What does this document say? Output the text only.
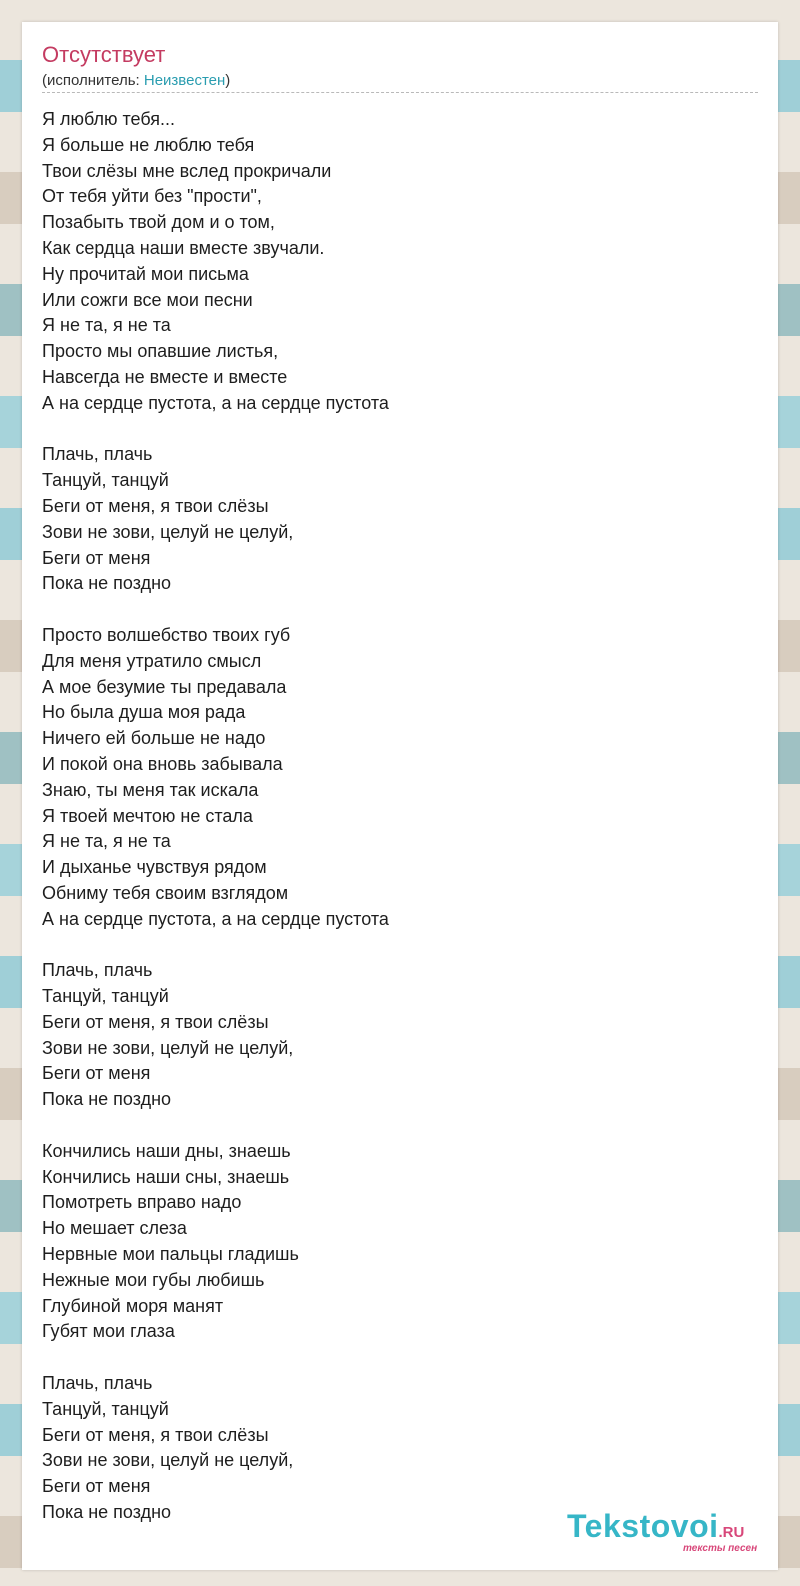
Отсутствует
(исполнитель: Неизвестен)
Я люблю тебя...
Я больше не люблю тебя
Твои слёзы мне вслед прокричали
От тебя уйти без "прости",
Позабыть твой дом и о том,
Как сердца наши вместе звучали.
Ну прочитай мои письма
Или сожги все мои песни
Я не та, я не та
Просто мы опавшие листья,
Навсегда не вместе и вместе
А на сердце пустота, а на сердце пустота

Плачь, плачь
Танцуй, танцуй
Беги от меня, я твои слёзы
Зови не зови, целуй не целуй,
Беги от меня
Пока не поздно

Просто волшебство твоих губ
Для меня утратило смысл
А мое безумие ты предавала
Но была душа моя рада
Ничего ей больше не надо
И покой она вновь забывала
Знаю, ты меня так искала
Я твоей мечтою не стала
Я не та, я не та
И дыханье чувствуя рядом
Обниму тебя своим взглядом
А на сердце пустота, а на сердце пустота

Плачь, плачь
Танцуй, танцуй
Беги от меня, я твои слёзы
Зови не зови, целуй не целуй,
Беги от меня
Пока не поздно

Кончились наши дны, знаешь
Кончились наши сны, знаешь
Помотреть вправо надо
Но мешает слеза
Нервные мои пальцы гладишь
Нежные мои губы любишь
Глубиной моря манят
Губят мои глаза

Плачь, плачь
Танцуй, танцуй
Беги от меня, я твои слёзы
Зови не зови, целуй не целуй,
Беги от меня
Пока не поздно	Tekstovoi.RU
тексты песен
